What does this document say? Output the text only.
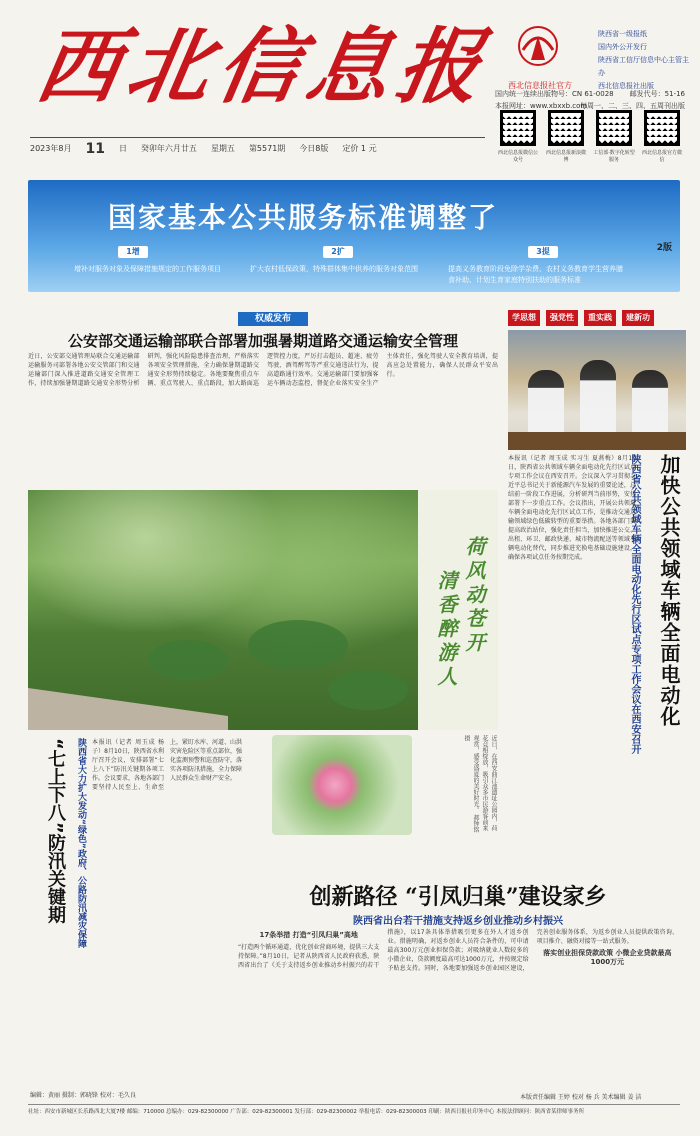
西北信息报	西北信息报社官方
陕西省一级报纸
国内外公开发行
陕西省工信厅信息中心主管主办
西北信息报社出版
国内统一连续出版物号：CN 61-0028 邮发代号：51-16
本报网址：www.xbxxb.com
每周一、二、三、四、五周刊出版
西北信息报微信公众号
西北信息报新浪微博
工信部·数字化转型服务
西北信息报官方微信
2023年8月 11 日 癸卯年六月廿五 星期五 第5571期 今日8版 定价 1 元
国家基本公共服务标准调整了
1增	2扩	3提
增补对服务对象及保障措施规定的工作服务项目	扩大农村低保政策，特殊群体集中供养的服务对象范围	提高义务教育阶段免除学杂费、农村义务教育学生营养膳食补助、计划生育家庭特别扶助的服务标准
2版
权威发布
公安部交通运输部联合部署加强暑期道路交通运输安全管理
近日，公安部交通管理局联合交通运输部运输服务司部署各地公安交管部门和交通运输部门深入推进道路交通安全管理工作，持续加强暑期道路交通安全形势分析研判，强化风险隐患排查治理，严格落实各项安全管理措施，全力确保暑期道路交通安全形势持续稳定。各地要聚焦重点车辆、重点驾驶人、重点路段，加大路面巡逻管控力度，严厉打击超员、超速、疲劳驾驶、酒驾醉驾等严重交通违法行为，提高道路通行效率。交通运输部门要加强客运车辆动态监控，督促企业落实安全生产主体责任，强化驾驶人安全教育培训，提高应急处置能力，确保人民群众平安出行。
学思想	强党性	重实践	建新功
加快公共领域车辆全面电动化
陕西省公共领域车辆全面电动化先行区试点专项工作会议在西安召开
本报讯（记者 周玉成 实习生 夏燕梅）8月10日，陕西省公共领域车辆全面电动化先行区试点专项工作会议在西安召开。会议深入学习贯彻习近平总书记关于新能源汽车发展的重要论述，总结前一阶段工作进展，分析研判当前形势，安排部署下一步重点工作。会议指出，开展公共领域车辆全面电动化先行区试点工作，是推动交通运输领域绿色低碳转型的重要举措。各地各部门要提高政治站位，强化责任担当，加快推进公交、出租、环卫、邮政快递、城市物流配送等领域车辆电动化替代，同步推进充换电基础设施建设，确保各项试点任务按期完成。
荷风动苍开
清香醉游人
近日，在西安曲江池遗址公园内，荷花竞相绽放，吸引众多市民游客前来观赏，感受盛夏的美好时光。 郝钟铭 摄
“七上下八”防汛关键期	陕西省大力扩大发动“绿色”政府、公路防汛减灾保障	本报讯（记者 周玉成 杨子）8月10日，陕西省水利厅召开会议，安排部署“七上八下”防汛关键期各项工作。会议要求，各地各部门要坚持人民至上、生命至上，紧盯水库、河道、山洪灾害危险区等重点部位，强化监测预警和巡查防守，落实各项防汛措施，全力保障人民群众生命财产安全。
编辑：黄丽 摄制：郭晓锋 校对：毛久良
创新路径 “引凤归巢”建设家乡
陕西省出台若干措施支持返乡创业推动乡村振兴
17条举措 打造“引凤归巢”高地
“打造两个循环通道，优化创业营商环境，提供三大支持保障。”8月10日，记者从陕西省人民政府获悉，陕西省出台了《关于支持返乡创业推动乡村振兴的若干措施》，以17条具体举措吸引更多在外人才返乡创业。措施明确，对返乡创业人员符合条件的，可申请最高300万元创业担保贷款；对吸纳就业人数较多的小微企业，贷款额度最高可达1000万元，并按规定给予贴息支持。同时，各地要加强返乡创业园区建设，完善创业服务体系，为返乡创业人员提供政策咨询、项目推介、融资对接等一站式服务。
落实创业担保贷款政策 小微企业贷款最高1000万元
本版责任编辑 王婷 校对 杨 兵 美术编辑 姜 洁
社址：西安市新城区长乐路西北大厦7楼 邮编：710000 总编办：029-82300000 广告部：029-82300001 发行部：029-82300002 举报电话：029-82300003 印刷：陕西日报社印务中心 本报法律顾问：陕西省某律师事务所
